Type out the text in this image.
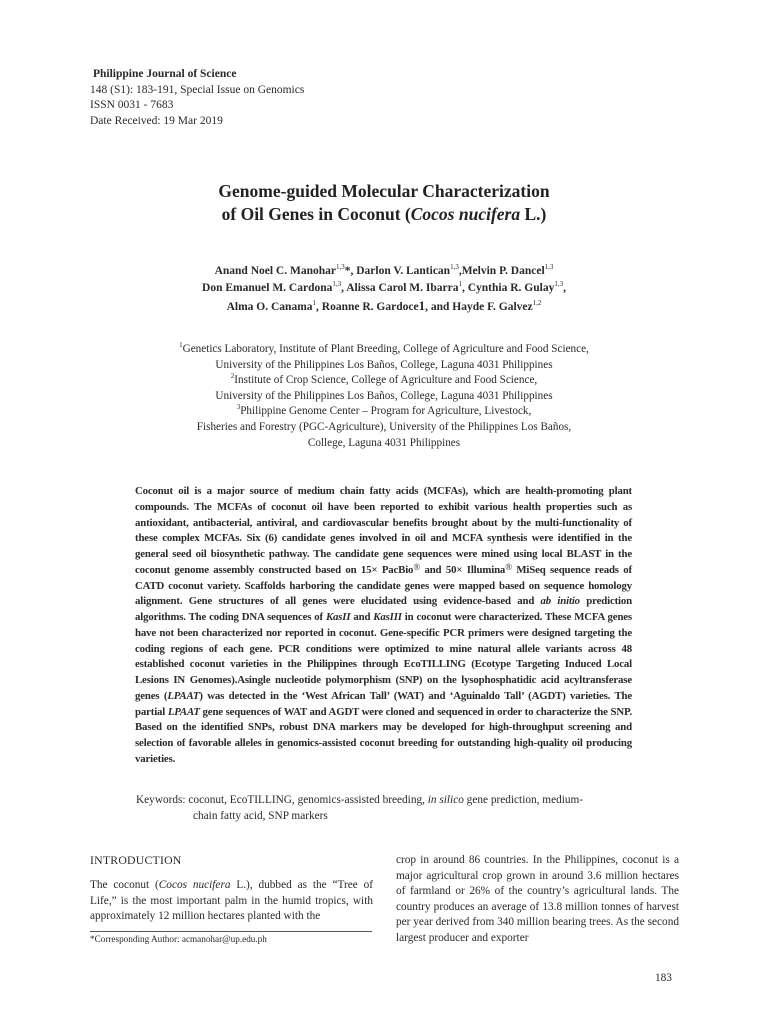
Philippine Journal of Science
148 (S1): 183-191, Special Issue on Genomics
ISSN 0031 - 7683
Date Received: 19 Mar 2019
Genome-guided Molecular Characterization
of Oil Genes in Coconut (Cocos nucifera L.)
Anand Noel C. Manohar$^{1,3}$*, Darlon V. Lantican$^{1,3}$,Melvin P. Dancel$^{1,3}$
Don Emanuel M. Cardona$^{1,3}$, Alissa Carol M. Ibarra$^1$, Cynthia R. Gulay$^{1,3}$,
Alma O. Canama$^1$, Roanne R. Gardoce1, and Hayde F. Galvez$^{1,2}$
$^1$Genetics Laboratory, Institute of Plant Breeding, College of Agriculture and Food Science,
University of the Philippines Los Baños, College, Laguna 4031 Philippines
$^2$Institute of Crop Science, College of Agriculture and Food Science,
University of the Philippines Los Baños, College, Laguna 4031 Philippines
$^3$Philippine Genome Center – Program for Agriculture, Livestock,
Fisheries and Forestry (PGC-Agriculture), University of the Philippines Los Baños,
College, Laguna 4031 Philippines
Coconut oil is a major source of medium chain fatty acids (MCFAs), which are health-promoting plant compounds. The MCFAs of coconut oil have been reported to exhibit various health properties such as antioxidant, antibacterial, antiviral, and cardiovascular benefits brought about by the multi-functionality of these complex MCFAs. Six (6) candidate genes involved in oil and MCFA synthesis were identified in the general seed oil biosynthetic pathway. The candidate gene sequences were mined using local BLAST in the coconut genome assembly constructed based on 15× PacBio® and 50× Illumina® MiSeq sequence reads of CATD coconut variety. Scaffolds harboring the candidate genes were mapped based on sequence homology alignment. Gene structures of all genes were elucidated using evidence-based and ab initio prediction algorithms. The coding DNA sequences of KasII and KasIII in coconut were characterized. These MCFA genes have not been characterized nor reported in coconut. Gene-specific PCR primers were designed targeting the coding regions of each gene. PCR conditions were optimized to mine natural allele variants across 48 established coconut varieties in the Philippines through EcoTILLING (Ecotype Targeting Induced Local Lesions IN Genomes).Asingle nucleotide polymorphism (SNP) on the lysophosphatidic acid acyltransferase genes (LPAAT) was detected in the ‘West African Tall’ (WAT) and ‘Aguinaldo Tall’ (AGDT) varieties. The partial LPAAT gene sequences of WAT and AGDT were cloned and sequenced in order to characterize the SNP. Based on the identified SNPs, robust DNA markers may be developed for high-throughput screening and selection of favorable alleles in genomics-assisted coconut breeding for outstanding high-quality oil producing varieties.
Keywords: coconut, EcoTILLING, genomics-assisted breeding, in silico gene prediction, medium-
chain fatty acid, SNP markers
INTRODUCTION
The coconut (Cocos nucifera L.), dubbed as the “Tree of Life,” is the most important palm in the humid tropics, with approximately 12 million hectares planted with the
crop in around 86 countries. In the Philippines, coconut is a major agricultural crop grown in around 3.6 million hectares of farmland or 26% of the country’s agricultural lands. The country produces an average of 13.8 million tonnes of harvest per year derived from 340 million bearing trees. As the second largest producer and exporter
*Corresponding Author: acmanohar@up.edu.ph
183
